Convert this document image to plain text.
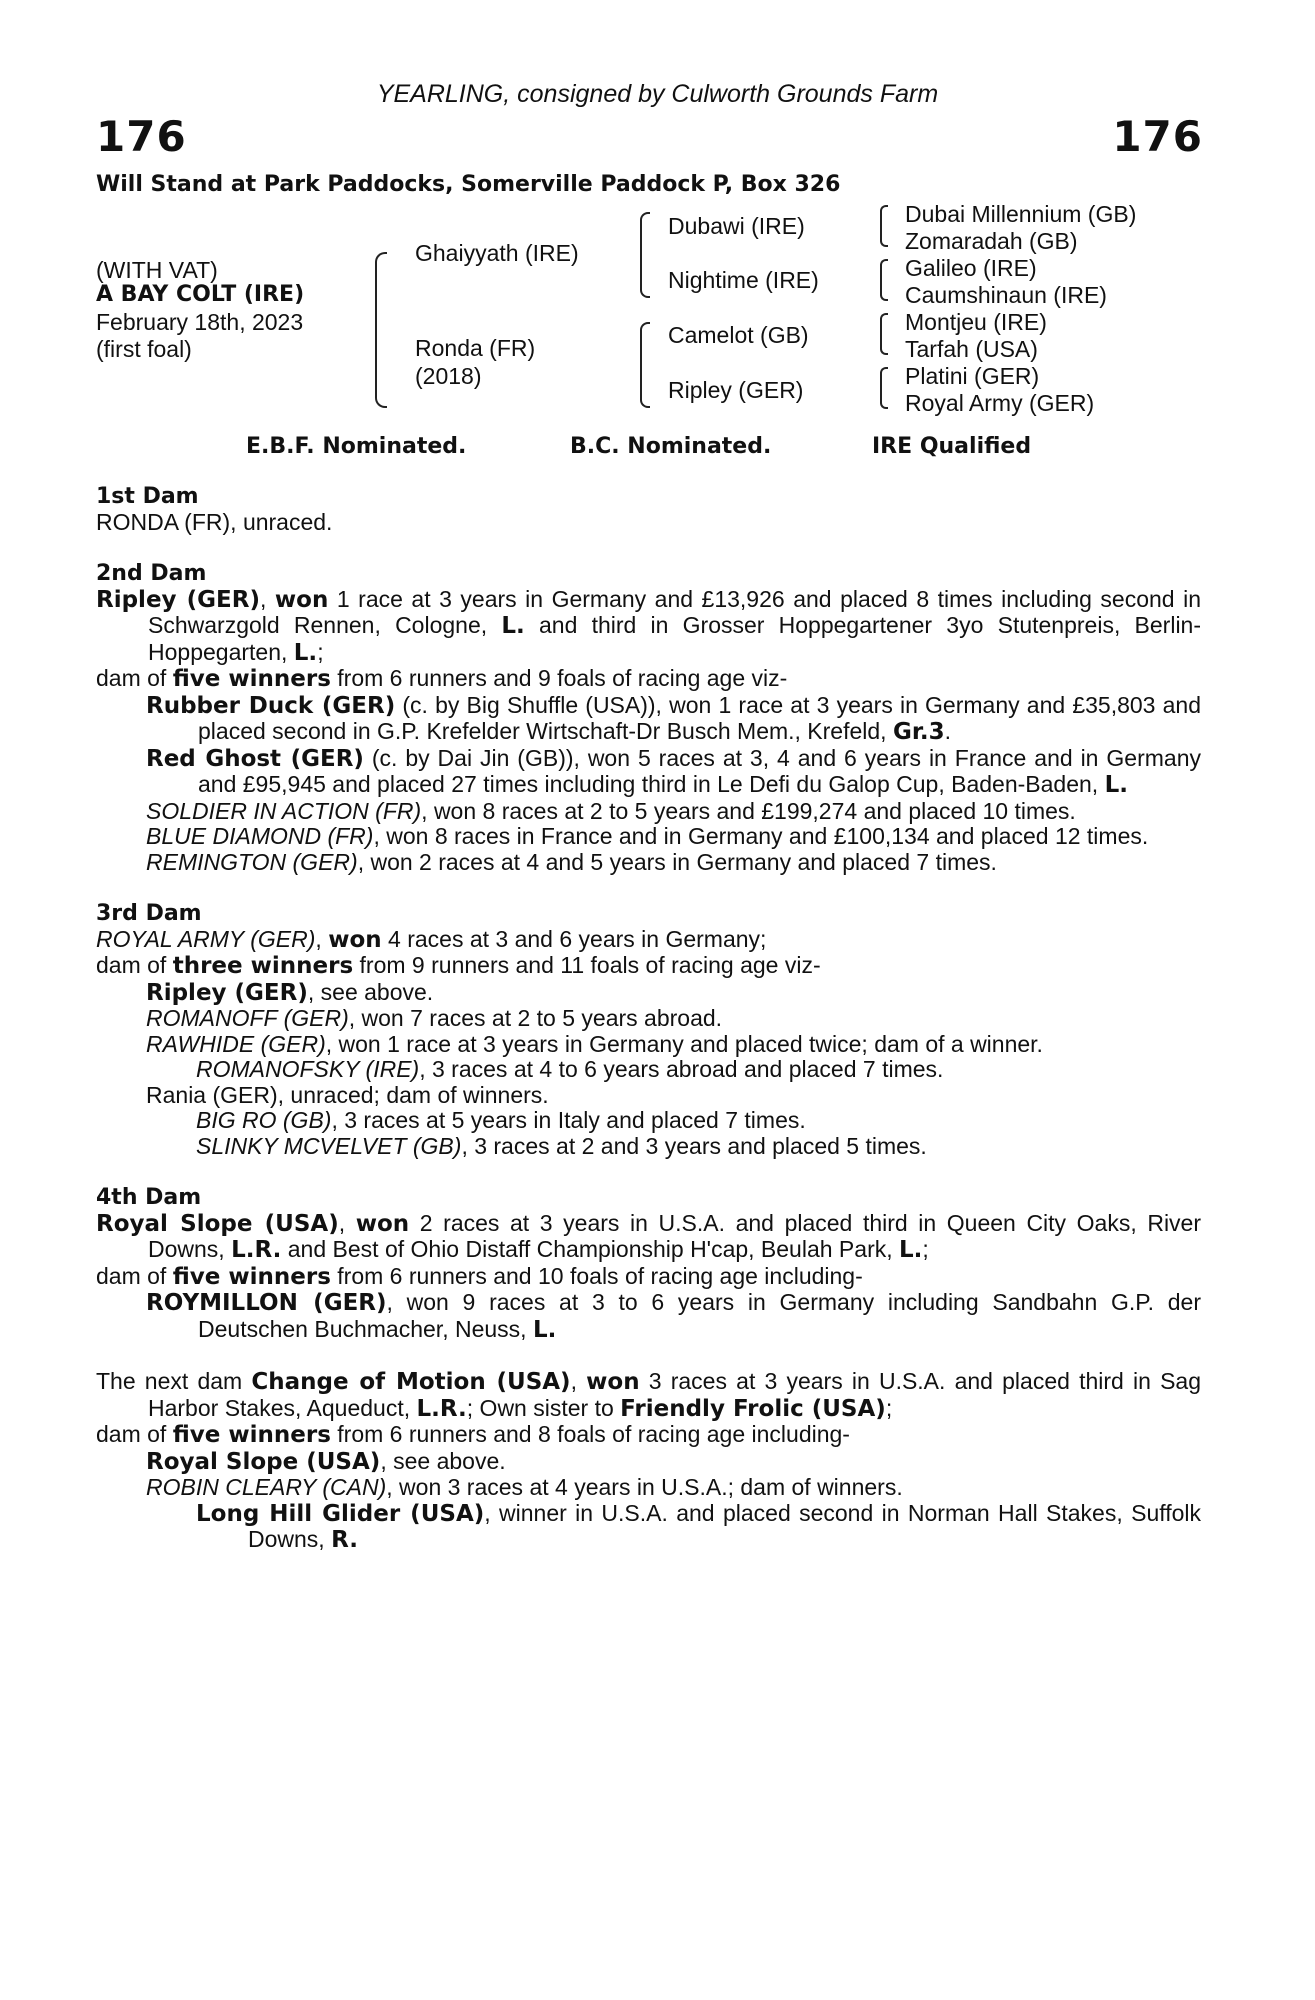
YEARLING, consigned by Culworth Grounds Farm
176	176
Will Stand at Park Paddocks, Somerville Paddock P, Box 326
(WITH VAT)
A BAY COLT (IRE)
February 18th, 2023
(first foal)
Ghaiyyath (IRE)
Ronda (FR)
(2018)
Dubawi (IRE)
Nightime (IRE)
Camelot (GB)
Ripley (GER)
Dubai Millennium (GB)
Zomaradah (GB)
Galileo (IRE)
Caumshinaun (IRE)
Montjeu (IRE)
Tarfah (USA)
Platini (GER)
Royal Army (GER)
E.B.F. Nominated.	B.C. Nominated.	IRE Qualified
1st Dam

RONDA (FR), unraced.

2nd Dam

Ripley (GER), won 1 race at 3 years in Germany and £13,926 and placed 8 times including second in Schwarzgold Rennen, Cologne, L. and third in Grosser Hoppegartener 3yo Stutenpreis, Berlin-Hoppegarten, L.;

dam of five winners from 6 runners and 9 foals of racing age viz-

Rubber Duck (GER) (c. by Big Shuffle (USA)), won 1 race at 3 years in Germany and £35,803 and placed second in G.P. Krefelder Wirtschaft-Dr Busch Mem., Krefeld, Gr.3.

Red Ghost (GER) (c. by Dai Jin (GB)), won 5 races at 3, 4 and 6 years in France and in Germany and £95,945 and placed 27 times including third in Le Defi du Galop Cup, Baden-Baden, L.

SOLDIER IN ACTION (FR), won 8 races at 2 to 5 years and £199,274 and placed 10 times.

BLUE DIAMOND (FR), won 8 races in France and in Germany and £100,134 and placed 12 times.

REMINGTON (GER), won 2 races at 4 and 5 years in Germany and placed 7 times.

3rd Dam

ROYAL ARMY (GER), won 4 races at 3 and 6 years in Germany;

dam of three winners from 9 runners and 11 foals of racing age viz-

Ripley (GER), see above.

ROMANOFF (GER), won 7 races at 2 to 5 years abroad.

RAWHIDE (GER), won 1 race at 3 years in Germany and placed twice; dam of a winner.

ROMANOFSKY (IRE), 3 races at 4 to 6 years abroad and placed 7 times.

Rania (GER), unraced; dam of winners.

BIG RO (GB), 3 races at 5 years in Italy and placed 7 times.

SLINKY MCVELVET (GB), 3 races at 2 and 3 years and placed 5 times.

4th Dam

Royal Slope (USA), won 2 races at 3 years in U.S.A. and placed third in Queen City Oaks, River Downs, L.R. and Best of Ohio Distaff Championship H'cap, Beulah Park, L.;

dam of five winners from 6 runners and 10 foals of racing age including-

ROYMILLON (GER), won 9 races at 3 to 6 years in Germany including Sandbahn G.P. der Deutschen Buchmacher, Neuss, L.

The next dam Change of Motion (USA), won 3 races at 3 years in U.S.A. and placed third in Sag Harbor Stakes, Aqueduct, L.R.; Own sister to Friendly Frolic (USA);

dam of five winners from 6 runners and 8 foals of racing age including-

Royal Slope (USA), see above.

ROBIN CLEARY (CAN), won 3 races at 4 years in U.S.A.; dam of winners.

Long Hill Glider (USA), winner in U.S.A. and placed second in Norman Hall Stakes, Suffolk Downs, R.
